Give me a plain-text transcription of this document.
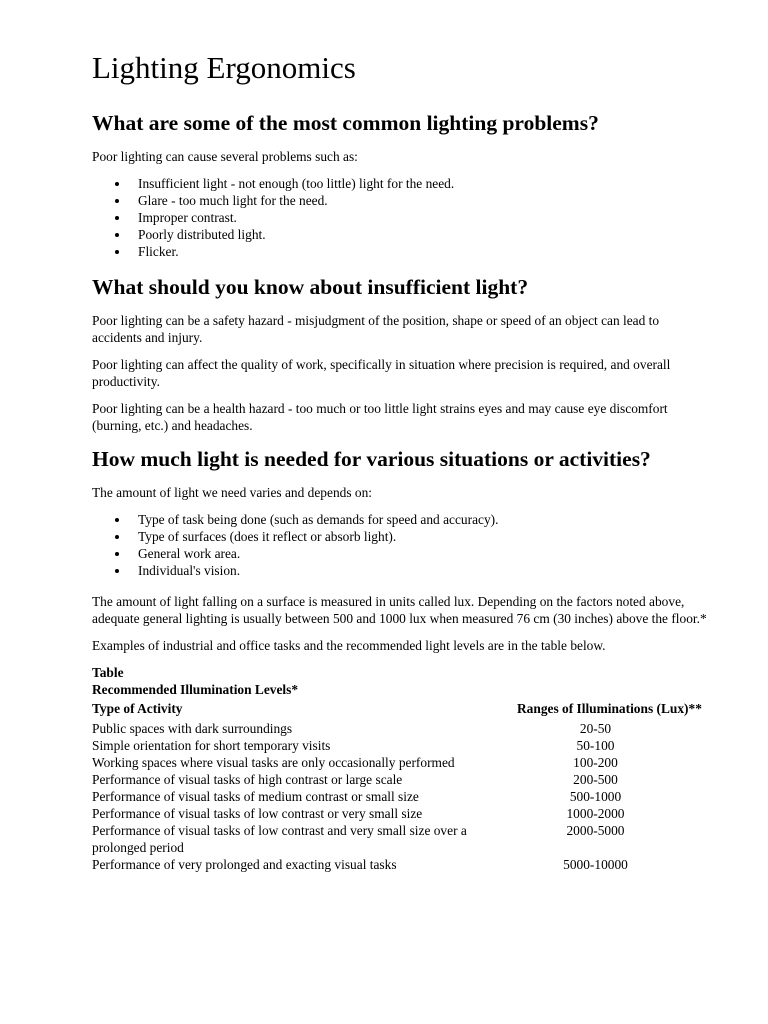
Lighting Ergonomics
What are some of the most common lighting problems?

Poor lighting can cause several problems such as:

Insufficient light - not enough (too little) light for the need.
Glare - too much light for the need.
Improper contrast.
Poorly distributed light.
Flicker.
What should you know about insufficient light?

Poor lighting can be a safety hazard - misjudgment of the position, shape or speed of an object can lead to accidents and injury.

Poor lighting can affect the quality of work, specifically in situation where precision is required, and overall productivity.

Poor lighting can be a health hazard - too much or too little light strains eyes and may cause eye discomfort (burning, etc.) and headaches.

How much light is needed for various situations or activities?

The amount of light we need varies and depends on:

Type of task being done (such as demands for speed and accuracy).
Type of surfaces (does it reflect or absorb light).
General work area.
Individual's vision.

The amount of light falling on a surface is measured in units called lux. Depending on the factors noted above, adequate general lighting is usually between 500 and 1000 lux when measured 76 cm (30 inches) above the floor.*

Examples of industrial and office tasks and the recommended light levels are in the table below.

Table
Recommended Illumination Levels*
Type of Activity	Ranges of Illuminations (Lux)**
Public spaces with dark surroundings	20-50
Simple orientation for short temporary visits	50-100
Working spaces where visual tasks are only occasionally performed	100-200
Performance of visual tasks of high contrast or large scale	200-500
Performance of visual tasks of medium contrast or small size	500-1000
Performance of visual tasks of low contrast or very small size	1000-2000
Performance of visual tasks of low contrast and very small size over a prolonged period	2000-5000
Performance of very prolonged and exacting visual tasks	5000-10000
